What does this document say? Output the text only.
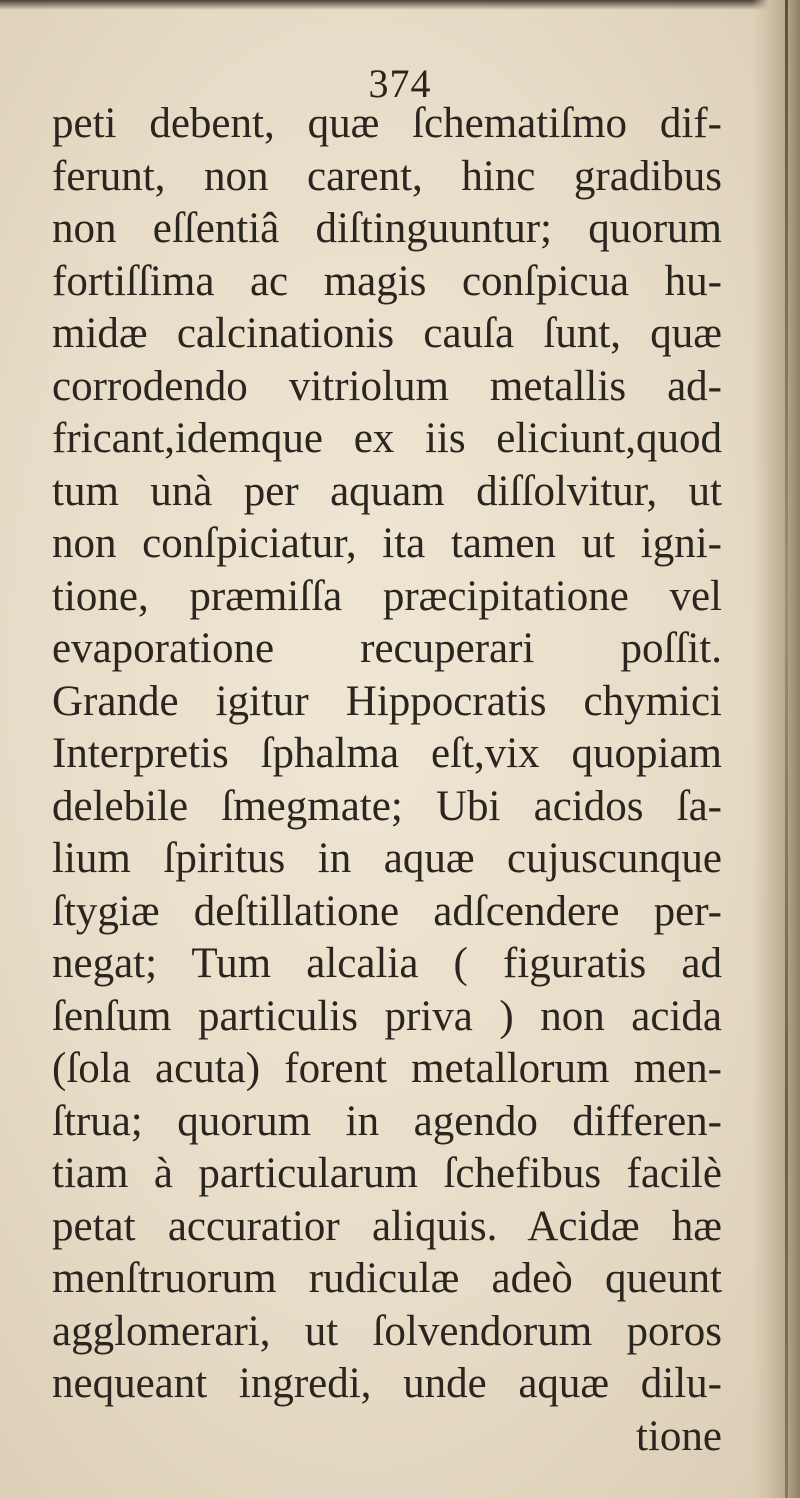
374
peti debent, quæ ſchematiſmo dif-
ferunt, non carent, hinc gradibus
non eſſentiâ diſtinguuntur; quorum
fortiſſima ac magis conſpicua hu-
midæ calcinationis cauſa ſunt, quæ
corrodendo vitriolum metallis ad-
fricant,idemque ex iis eliciunt,quod
tum unà per aquam diſſolvitur, ut
non conſpiciatur, ita tamen ut igni-
tione, præmiſſa præcipitatione vel
evaporatione recuperari poſſit.
Grande igitur Hippocratis chymici
Interpretis ſphalma eſt,vix quopiam
delebile ſmegmate; Ubi acidos ſa-
lium ſpiritus in aquæ cujuscunque
ſtygiæ deſtillatione adſcendere per-
negat; Tum alcalia ( figuratis ad
ſenſum particulis priva ) non acida
(ſola acuta) forent metallorum men-
ſtrua; quorum in agendo differen-
tiam à particularum ſchefibus facilè
petat accuratior aliquis. Acidæ hæ
menſtruorum rudiculæ adeò queunt
agglomerari, ut ſolvendorum poros
nequeant ingredi, unde aquæ dilu-
tione
